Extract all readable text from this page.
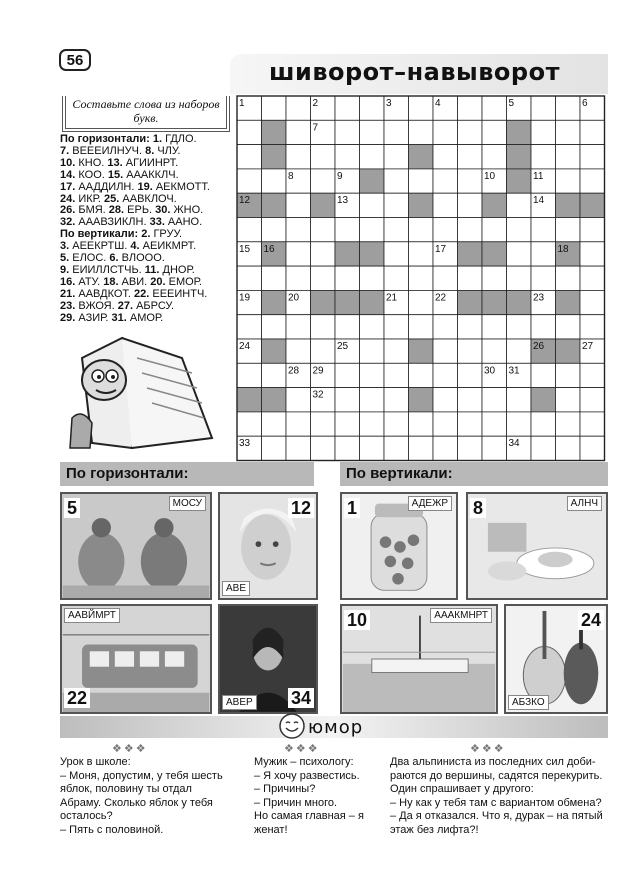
56	шиворот–навыворот
Составьте слова из наборов букв.
По горизонтали: 1. ГДЛО.
7. ВЕЕЕИЛНУЧ. 8. ЧЛУ.
10. КНО. 13. АГИИНРТ.
14. КОО. 15. АААККЛЧ.
17. ААДДИЛН. 19. АЕКМОТТ.
24. ИКР. 25. ААВКЛОЧ.
26. БМЯ. 28. ЕРЬ. 30. ЖНО.
32. АААВЗИКЛН. 33. ААНО.
По вертикали: 2. ГРУУ.
3. АЕЕКРТШ. 4. АЕИКМРТ.
5. ЕЛОС. 6. ВЛООО.
9. ЕИИЛЛСТЧЬ. 11. ДНОР.
16. АТУ. 18. АВИ. 20. ЕМОР.
21. ААВДКОТ. 22. ЕЕЕИНТЧ.
23. ВЖОЯ. 27. АБРСУ.
29. АЗИР. 31. АМОР.
1	2	3	4	5	6
7
8	9	10	11
12	13	14
15 16	17	18
19	20	21	22	23
24	25	26	27
28 29	30 31
32
33	34
По горизонтали:	По вертикали:
5	МОСУ	12
АВЕ
1	АДЕЖР 8	АЛНЧ
22
ААВЙМРТ
34
АВЕР
10	АААКМНРТ	24
АБЗКО
юмор
❖❖❖	❖❖❖	❖❖❖
Урок в школе:
– Моня, допустим, у тебя шесть
яблок, половину ты отдал
Абраму. Сколько яблок у тебя
осталось?
– Пять с половиной.
Мужик – психологу:
– Я хочу развестись.
– Причины?
– Причин много.
Но самая главная – я
женат!
Два альпиниста из последних сил доби-
раются до вершины, садятся перекурить.
Один спрашивает у другого:
– Ну как у тебя там с вариантом обмена?
– Да я отказался. Что я, дурак – на пятый
этаж без лифта?!
